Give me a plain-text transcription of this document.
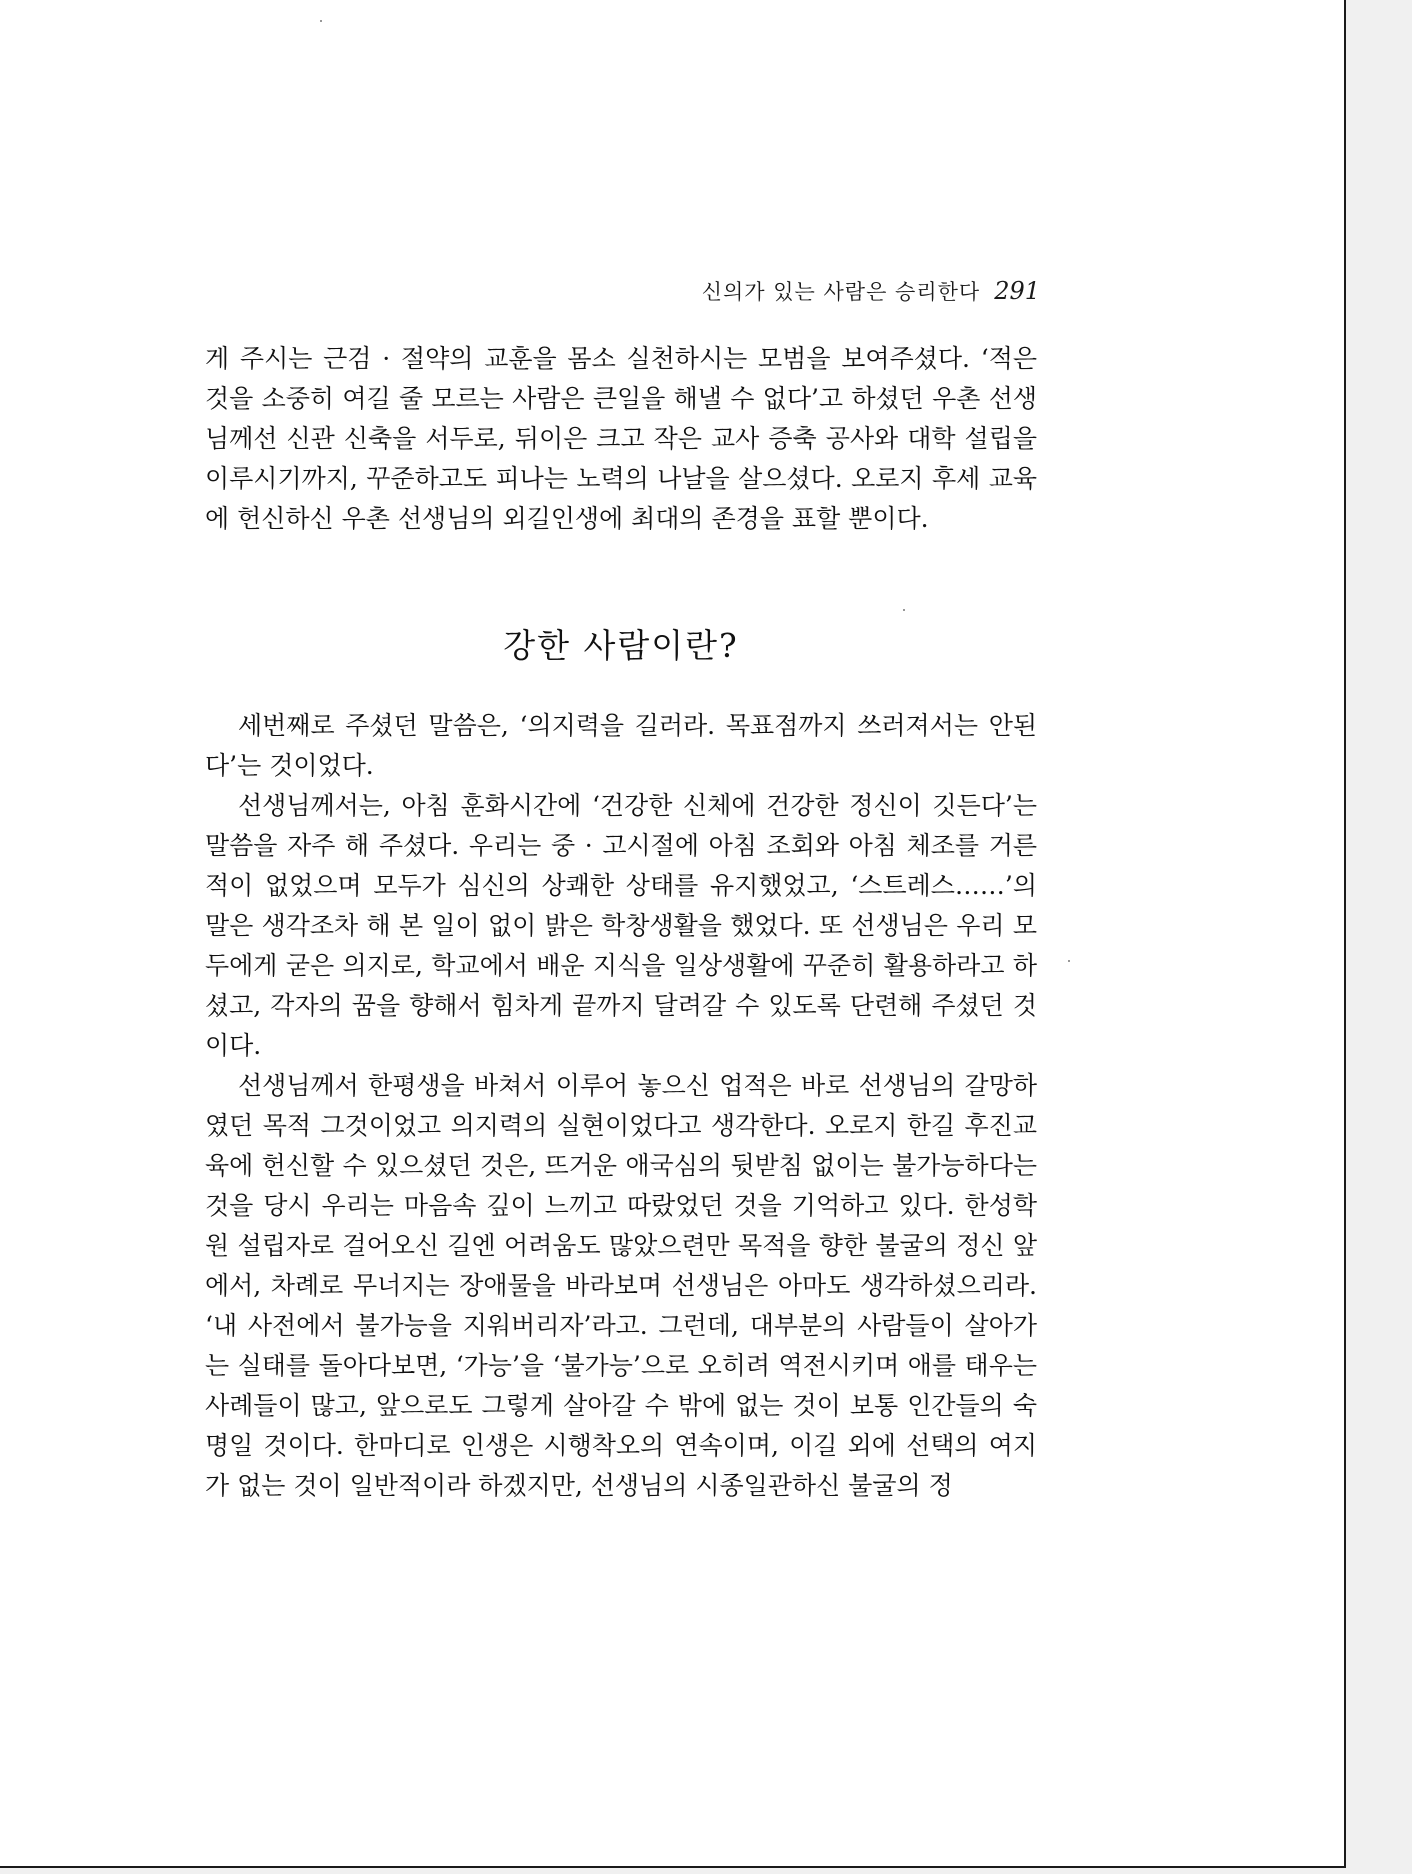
신의가 있는 사람은 승리한다 291

게 주시는 근검 · 절약의 교훈을 몸소 실천하시는 모범을 보여주셨다. ‘적은 것을 소중히 여길 줄 모르는 사람은 큰일을 해낼 수 없다’고 하셨던 우촌 선생님께선 신관 신축을 서두로, 뒤이은 크고 작은 교사 증축 공사와 대학 설립을 이루시기까지, 꾸준하고도 피나는 노력의 나날을 살으셨다. 오로지 후세 교육에 헌신하신 우촌 선생님의 외길인생에 최대의 존경을 표할 뿐이다.

강한 사람이란?

세번째로 주셨던 말씀은, ‘의지력을 길러라. 목표점까지 쓰러져서는 안된다’는 것이었다.

선생님께서는, 아침 훈화시간에 ‘건강한 신체에 건강한 정신이 깃든다’는 말씀을 자주 해 주셨다. 우리는 중 · 고시절에 아침 조회와 아침 체조를 거른 적이 없었으며 모두가 심신의 상쾌한 상태를 유지했었고, ‘스트레스……’의 말은 생각조차 해 본 일이 없이 밝은 학창생활을 했었다. 또 선생님은 우리 모두에게 굳은 의지로, 학교에서 배운 지식을 일상생활에 꾸준히 활용하라고 하셨고, 각자의 꿈을 향해서 힘차게 끝까지 달려갈 수 있도록 단련해 주셨던 것이다.

선생님께서 한평생을 바쳐서 이루어 놓으신 업적은 바로 선생님의 갈망하였던 목적 그것이었고 의지력의 실현이었다고 생각한다. 오로지 한길 후진교육에 헌신할 수 있으셨던 것은, 뜨거운 애국심의 뒷받침 없이는 불가능하다는 것을 당시 우리는 마음속 깊이 느끼고 따랐었던 것을 기억하고 있다. 한성학원 설립자로 걸어오신 길엔 어려움도 많았으련만 목적을 향한 불굴의 정신 앞에서, 차례로 무너지는 장애물을 바라보며 선생님은 아마도 생각하셨으리라. ‘내 사전에서 불가능을 지워버리자’라고. 그런데, 대부분의 사람들이 살아가는 실태를 돌아다보면, ‘가능’을 ‘불가능’으로 오히려 역전시키며 애를 태우는 사례들이 많고, 앞으로도 그렇게 살아갈 수 밖에 없는 것이 보통 인간들의 숙명일 것이다. 한마디로 인생은 시행착오의 연속이며, 이길 외에 선택의 여지가 없는 것이 일반적이라 하겠지만, 선생님의 시종일관하신 불굴의 정
